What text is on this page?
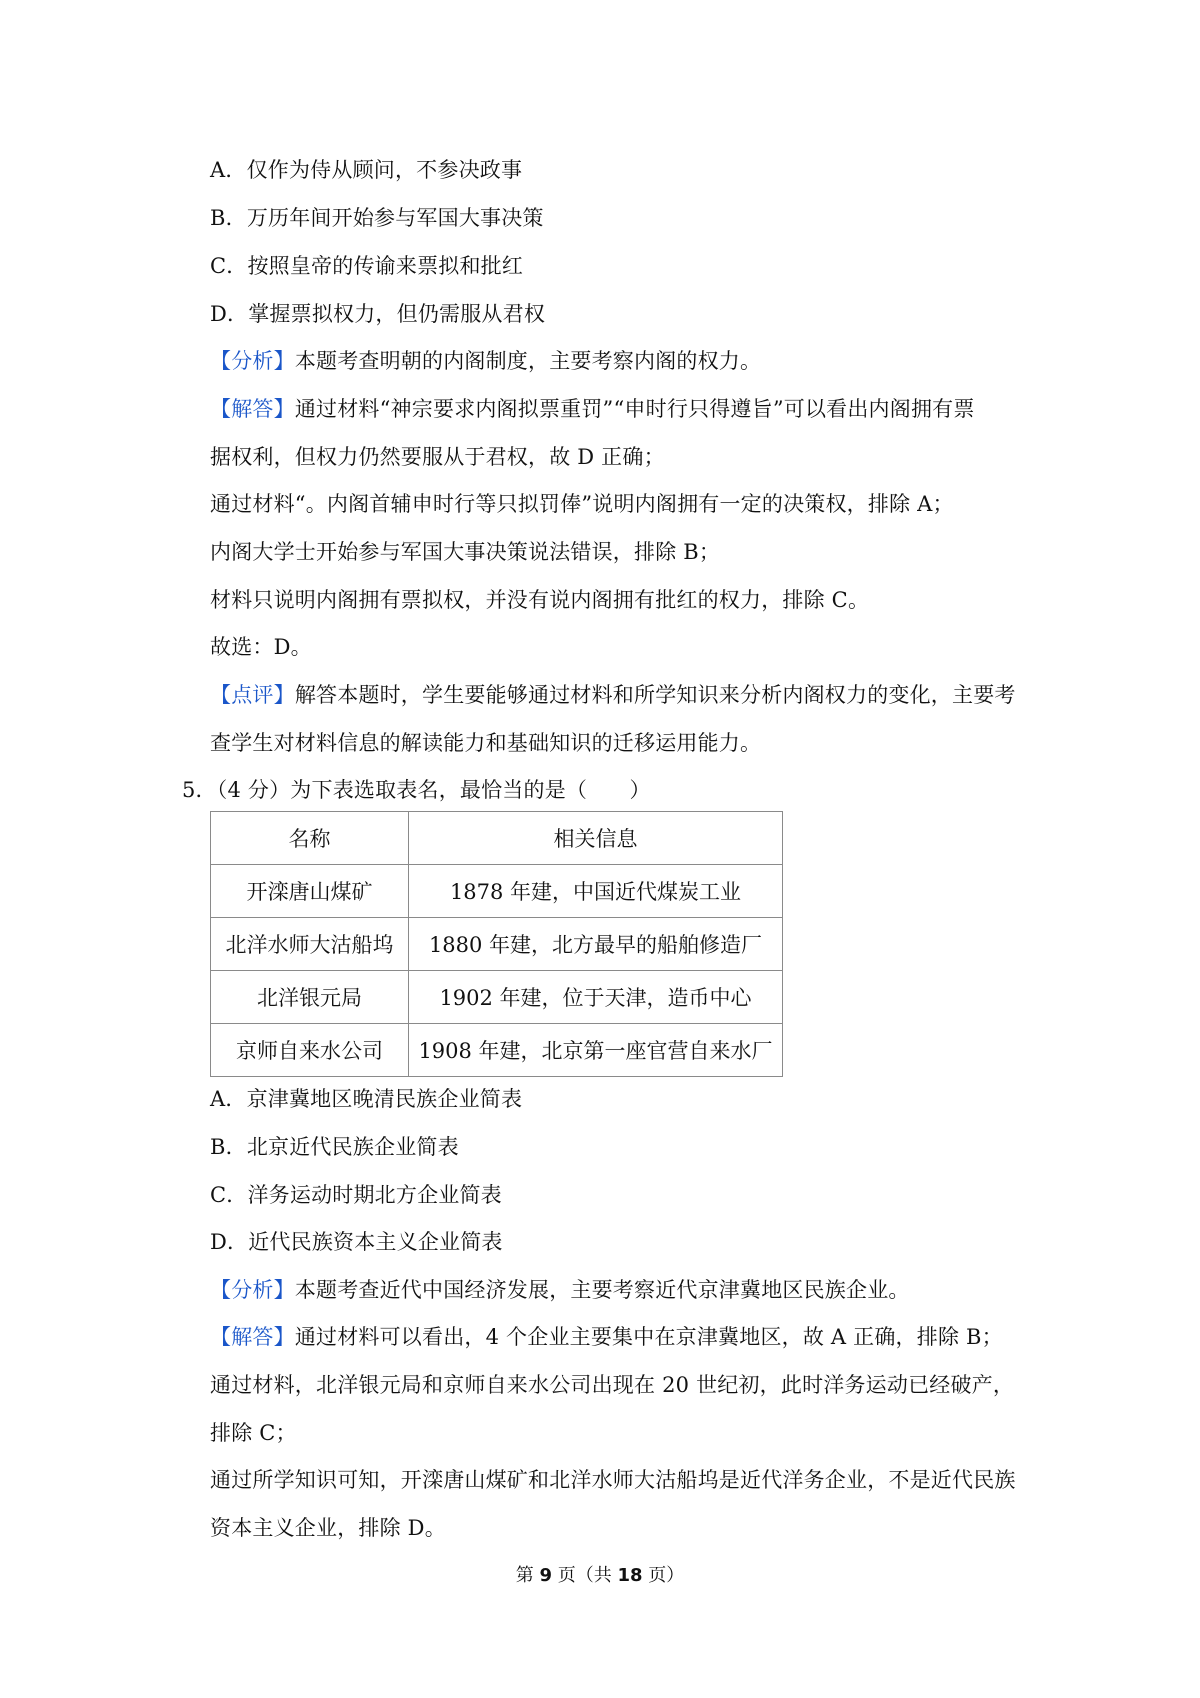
A．仅作为侍从顾问，不参决政事
B．万历年间开始参与军国大事决策
C．按照皇帝的传谕来票拟和批红
D．掌握票拟权力，但仍需服从君权
【分析】本题考查明朝的内阁制度，主要考察内阁的权力。
【解答】通过材料“神宗要求内阁拟票重罚”“申时行只得遵旨”可以看出内阁拥有票
据权利，但权力仍然要服从于君权，故 D 正确；
通过材料“。内阁首辅申时行等只拟罚俸”说明内阁拥有一定的决策权，排除 A；
内阁大学士开始参与军国大事决策说法错误，排除 B；
材料只说明内阁拥有票拟权，并没有说内阁拥有批红的权力，排除 C。
故选：D。
【点评】解答本题时，学生要能够通过材料和所学知识来分析内阁权力的变化，主要考
查学生对材料信息的解读能力和基础知识的迁移运用能力。
5．（4 分）为下表选取表名，最恰当的是（　　）
名称	相关信息
开滦唐山煤矿	1878 年建，中国近代煤炭工业
北洋水师大沽船坞	1880 年建，北方最早的船舶修造厂
北洋银元局	1902 年建，位于天津，造币中心
京师自来水公司	1908 年建，北京第一座官营自来水厂
A．京津冀地区晚清民族企业简表
B．北京近代民族企业简表
C．洋务运动时期北方企业简表
D．近代民族资本主义企业简表
【分析】本题考查近代中国经济发展，主要考察近代京津冀地区民族企业。
【解答】通过材料可以看出，4 个企业主要集中在京津冀地区，故 A 正确，排除 B；
通过材料，北洋银元局和京师自来水公司出现在 20 世纪初，此时洋务运动已经破产，
排除 C；
通过所学知识可知，开滦唐山煤矿和北洋水师大沽船坞是近代洋务企业，不是近代民族
资本主义企业，排除 D。
第 9 页（共 18 页）
